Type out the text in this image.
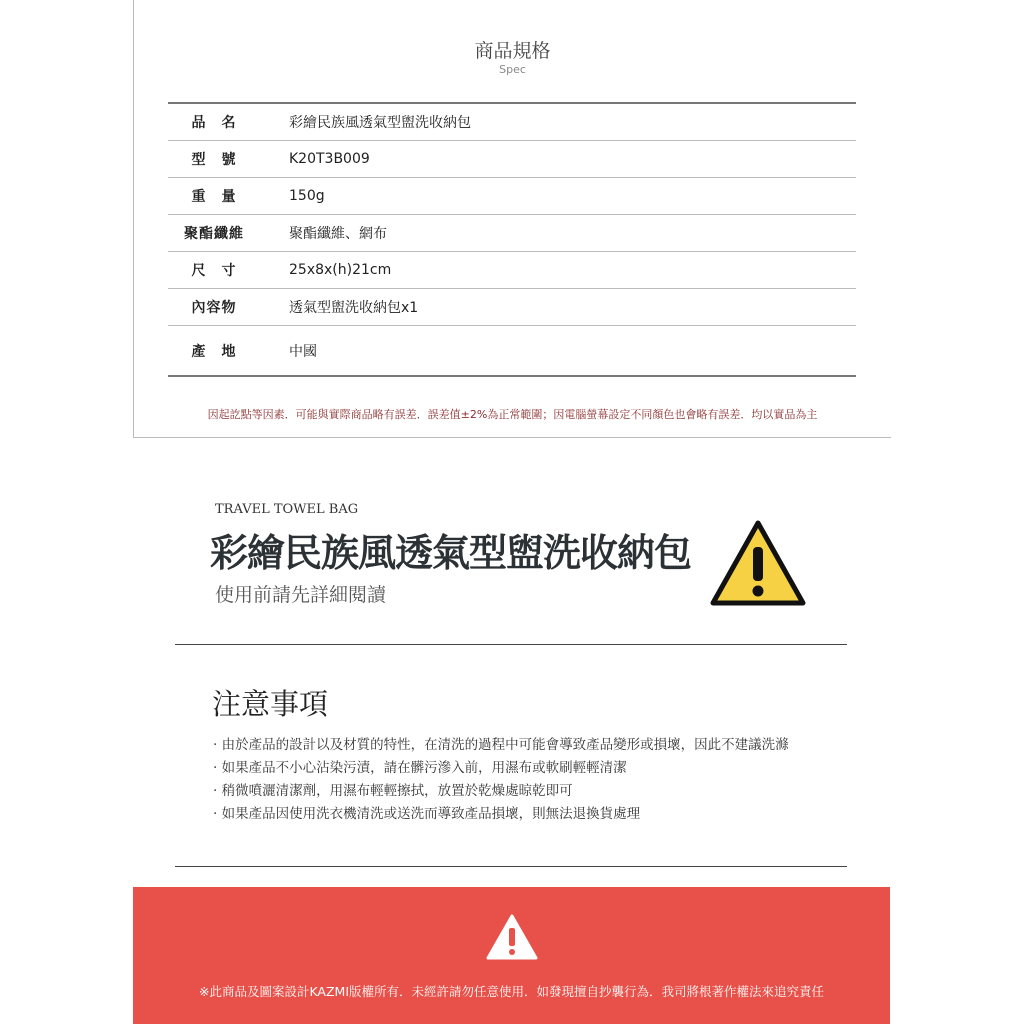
商品規格
Spec
品　名	彩繪民族風透氣型盥洗收納包
型　號	K20T3B009
重　量	150g
聚酯纖維	聚酯纖維、網布
尺　寸	25x8x(h)21cm
內容物	透氣型盥洗收納包x1
產　地	中國
因起訖點等因素．可能與實際商品略有誤差．誤差值±2%為正常範圍；因電腦螢幕設定不同顏色也會略有誤差．均以實品為主
TRAVEL TOWEL BAG
彩繪民族風透氣型盥洗收納包
使用前請先詳細閱讀
注意事項
· 由於產品的設計以及材質的特性，在清洗的過程中可能會導致產品變形或損壞，因此不建議洗滌
· 如果產品不小心沾染污漬，請在髒污滲入前，用濕布或軟刷輕輕清潔
· 稍微噴灑清潔劑，用濕布輕輕擦拭，放置於乾燥處晾乾即可
· 如果產品因使用洗衣機清洗或送洗而導致產品損壞，則無法退換貨處理
※此商品及圖案設計KAZMI版權所有．未經許請勿任意使用．如發現擅自抄襲行為．我司將根著作權法來追究責任
